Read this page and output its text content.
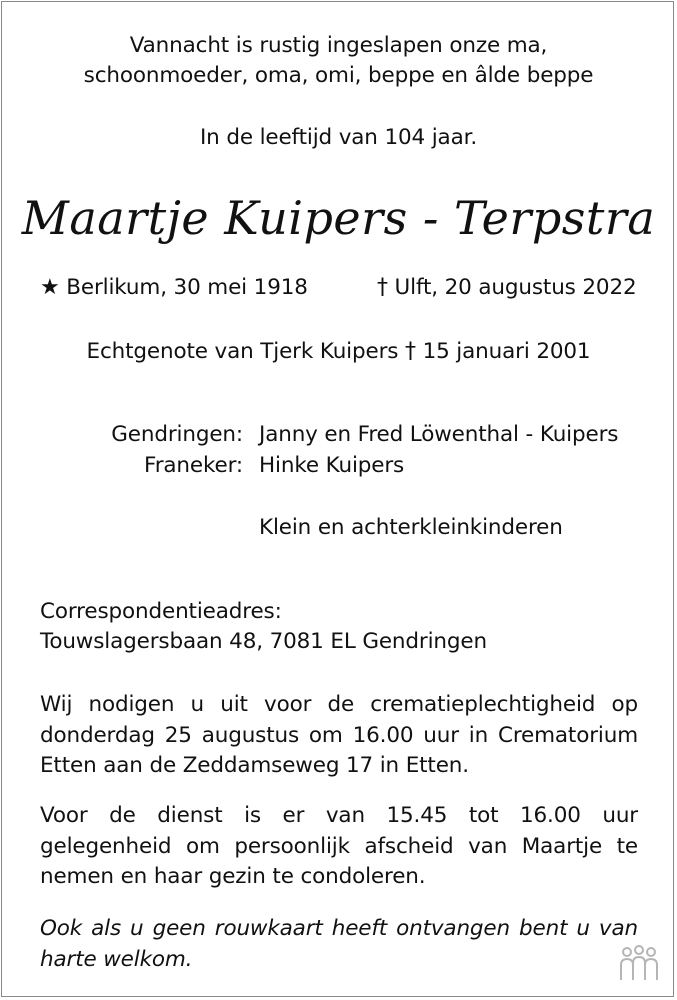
Vannacht is rustig ingeslapen onze ma,
schoonmoeder, oma, omi, beppe en âlde beppe
In de leeftijd van 104 jaar.
Maartje Kuipers - Terpstra
★ Berlikum, 30 mei 1918	† Ulft, 20 augustus 2022
Echtgenote van Tjerk Kuipers † 15 januari 2001
Gendringen: Janny en Fred Löwenthal - Kuipers
Franeker: Hinke Kuipers
Klein en achterkleinkinderen
Correspondentieadres:
Touwslagersbaan 48, 7081 EL Gendringen
Wij nodigen u uit voor de crematieplechtigheid op donderdag 25 augustus om 16.00 uur in Crematorium Etten aan de Zeddamseweg 17 in Etten.
Voor de dienst is er van 15.45 tot 16.00 uur gelegenheid om persoonlijk afscheid van Maartje te nemen en haar gezin te condoleren.
Ook als u geen rouwkaart heeft ontvangen bent u van harte welkom.
